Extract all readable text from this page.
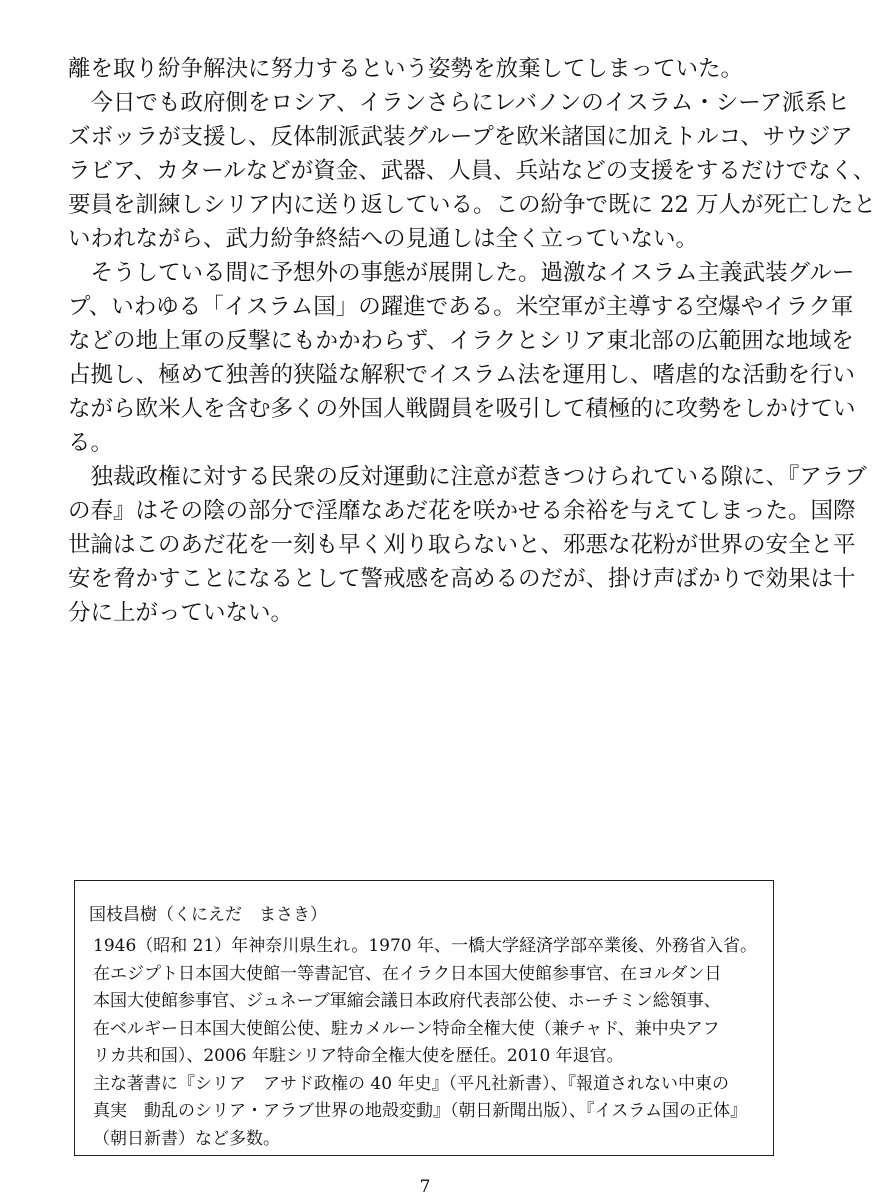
離を取り紛争解決に努力するという姿勢を放棄してしまっていた。
　今日でも政府側をロシア、イランさらにレバノンのイスラム・シーア派系ヒ
ズボッラが支援し、反体制派武装グループを欧米諸国に加えトルコ、サウジア
ラビア、カタールなどが資金、武器、人員、兵站などの支援をするだけでなく、
要員を訓練しシリア内に送り返している。この紛争で既に 22 万人が死亡したと
いわれながら、武力紛争終結への見通しは全く立っていない。
　そうしている間に予想外の事態が展開した。過激なイスラム主義武装グルー
プ、いわゆる「イスラム国」の躍進である。米空軍が主導する空爆やイラク軍
などの地上軍の反撃にもかかわらず、イラクとシリア東北部の広範囲な地域を
占拠し、極めて独善的狭隘な解釈でイスラム法を運用し、嗜虐的な活動を行い
ながら欧米人を含む多くの外国人戦闘員を吸引して積極的に攻勢をしかけてい
る。
　独裁政権に対する民衆の反対運動に注意が惹きつけられている隙に、『アラブ
の春』はその陰の部分で淫靡なあだ花を咲かせる余裕を与えてしまった。国際
世論はこのあだ花を一刻も早く刈り取らないと、邪悪な花粉が世界の安全と平
安を脅かすことになるとして警戒感を高めるのだが、掛け声ばかりで効果は十
分に上がっていない。
国枝昌樹（くにえだ　まさき）
1946（昭和 21）年神奈川県生れ。1970 年、一橋大学経済学部卒業後、外務省入省。
在エジプト日本国大使館一等書記官、在イラク日本国大使館参事官、在ヨルダン日
本国大使館参事官、ジュネーブ軍縮会議日本政府代表部公使、ホーチミン総領事、
在ベルギー日本国大使館公使、駐カメルーン特命全権大使（兼チャド、兼中央アフ
リカ共和国）、2006 年駐シリア特命全権大使を歴任。2010 年退官。
主な著書に『シリア　アサド政権の 40 年史』（平凡社新書）、『報道されない中東の
真実　動乱のシリア・アラブ世界の地殻変動』（朝日新聞出版）、『イスラム国の正体』
（朝日新書）など多数。
7
